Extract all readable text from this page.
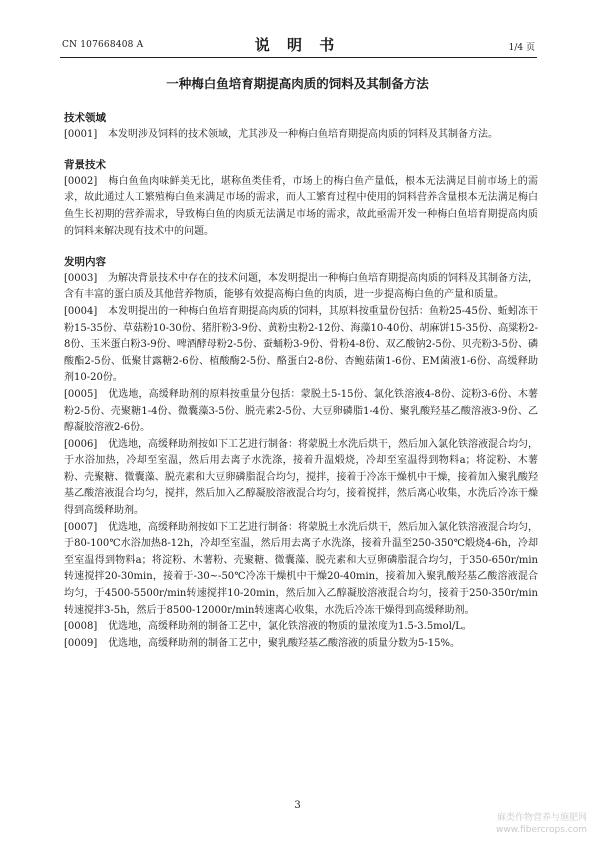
CN 107668408 A	说 明 书	1/4 页
一种梅白鱼培育期提高肉质的饲料及其制备方法

技术领域

[0001] 本发明涉及饲料的技术领域，尤其涉及一种梅白鱼培育期提高肉质的饲料及其制备方法。

背景技术

[0002] 梅白鱼鱼肉味鲜美无比，堪称鱼类佳肴，市场上的梅白鱼产量低，根本无法满足目前市场上的需求，故此通过人工繁殖梅白鱼来满足市场的需求，而人工繁育过程中使用的饲料营养含量根本无法满足梅白鱼生长初期的营养需求，导致梅白鱼的肉质无法满足市场的需求，故此亟需开发一种梅白鱼培育期提高肉质的饲料来解决现有技术中的问题。

发明内容

[0003] 为解决背景技术中存在的技术问题，本发明提出一种梅白鱼培育期提高肉质的饲料及其制备方法，含有丰富的蛋白质及其他营养物质，能够有效提高梅白鱼的肉质，进一步提高梅白鱼的产量和质量。

[0004] 本发明提出的一种梅白鱼培育期提高肉质的饲料，其原料按重量份包括：鱼粉25-45份、蚯蚓冻干粉15-35份、草菇粉10-30份、猪肝粉3-9份、黄粉虫粉2-12份、海藻10-40份、胡麻饼15-35份、高粱粉2-8份、玉米蛋白粉3-9份、啤酒酵母粉2-5份、蚕蛹粉3-9份、骨粉4-8份、双乙酸钠2-5份、贝壳粉3-5份、磷酸酯2-5份、低聚甘露糖2-6份、植酸酶2-5份、酪蛋白2-8份、杏鲍菇菌1-6份、EM菌液1-6份、高缓释助剂10-20份。

[0005] 优选地，高缓释助剂的原料按重量分包括：蒙脱土5-15份、氯化铁溶液4-8份、淀粉3-6份、木薯粉2-5份、壳聚糖1-4份、微囊藻3-5份、脱壳素2-5份、大豆卵磷脂1-4份、聚乳酸羟基乙酸溶液3-9份、乙醇凝胶溶液2-6份。

[0006] 优选地，高缓释助剂按如下工艺进行制备：将蒙脱土水洗后烘干，然后加入氯化铁溶液混合均匀，于水浴加热，冷却至室温，然后用去离子水洗涤，接着升温煅烧，冷却至室温得到物料a；将淀粉、木薯粉、壳聚糖、微囊藻、脱壳素和大豆卵磷脂混合均匀，搅拌，接着于冷冻干燥机中干燥，接着加入聚乳酸羟基乙酸溶液混合均匀，搅拌，然后加入乙醇凝胶溶液混合均匀，接着搅拌，然后离心收集，水洗后冷冻干燥得到高缓释助剂。

[0007] 优选地，高缓释助剂按如下工艺进行制备：将蒙脱土水洗后烘干，然后加入氯化铁溶液混合均匀，于80-100℃水浴加热8-12h，冷却至室温，然后用去离子水洗涤，接着升温至250-350℃煅烧4-6h，冷却至室温得到物料a；将淀粉、木薯粉、壳聚糖、微囊藻、脱壳素和大豆卵磷脂混合均匀，于350-650r/min转速搅拌20-30min，接着于-30~-50℃冷冻干燥机中干燥20-40min，接着加入聚乳酸羟基乙酸溶液混合均匀，于4500-5500r/min转速搅拌10-20min，然后加入乙醇凝胶溶液混合均匀，接着于250-350r/min转速搅拌3-5h，然后于8500-12000r/min转速离心收集，水洗后冷冻干燥得到高缓释助剂。

[0008] 优选地，高缓释助剂的制备工艺中，氯化铁溶液的物质的量浓度为1.5-3.5mol/L。

[0009] 优选地，高缓释助剂的制备工艺中，聚乳酸羟基乙酸溶液的质量分数为5-15%。

3
麻类作物营养与施肥网
www.fibercrops.com
